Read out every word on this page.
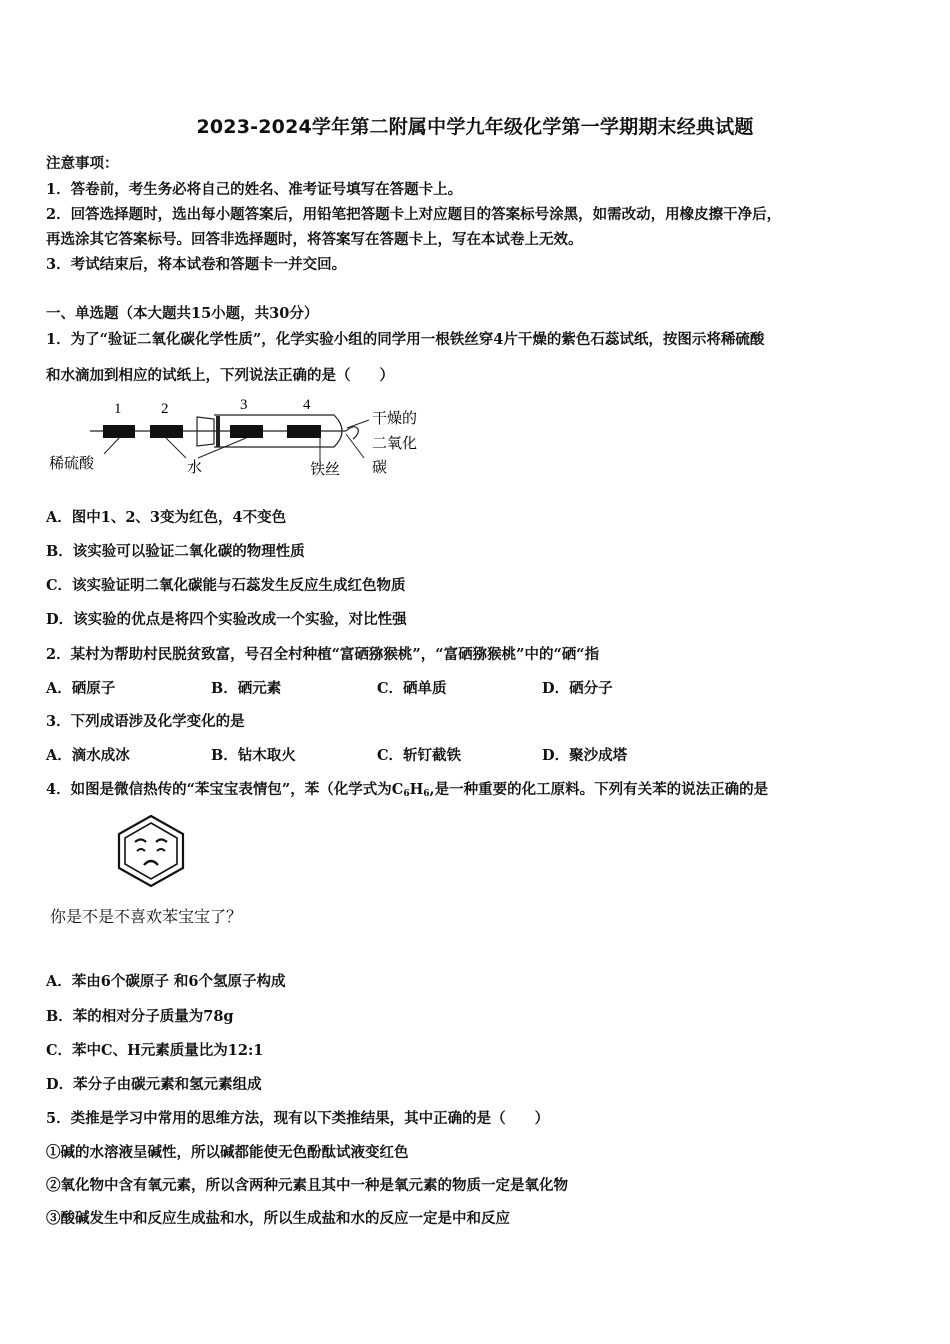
2023-2024学年第二附属中学九年级化学第一学期期末经典试题
注意事项：
1．答卷前，考生务必将自己的姓名、准考证号填写在答题卡上。
2．回答选择题时，选出每小题答案后，用铅笔把答题卡上对应题目的答案标号涂黑，如需改动，用橡皮擦干净后，
再选涂其它答案标号。回答非选择题时，将答案写在答题卡上，写在本试卷上无效。
3．考试结束后，将本试卷和答题卡一并交回。
一、单选题（本大题共15小题，共30分）
1．为了“验证二氧化碳化学性质”，化学实验小组的同学用一根铁丝穿4片干燥的紫色石蕊试纸，按图示将稀硫酸
和水滴加到相应的试纸上，下列说法正确的是（　　）
1	2	3	4
稀硫酸	水	铁丝
干燥的
二氧化
碳
A．图中1、2、3变为红色，4不变色
B．该实验可以验证二氧化碳的物理性质
C．该实验证明二氧化碳能与石蕊发生反应生成红色物质
D．该实验的优点是将四个实验改成一个实验，对比性强
2．某村为帮助村民脱贫致富，号召全村种植“富硒猕猴桃”，“富硒猕猴桃”中的“硒“指
A．硒原子	B．硒元素	C．硒单质	D．硒分子
3．下列成语涉及化学变化的是
A．滴水成冰	B．钻木取火	C．斩钉截铁	D．聚沙成塔
4．如图是微信热传的“苯宝宝表情包”，苯（化学式为$C_6H_6$,是一种重要的化工原料。下列有关苯的说法正确的是
你是不是不喜欢苯宝宝了？
A．苯由6个碳原子 和6个氢原子构成
B．苯的相对分子质量为78g
C．苯中C、H元素质量比为12:1
D．苯分子由碳元素和氢元素组成
5．类推是学习中常用的思维方法，现有以下类推结果，其中正确的是（　　）
①碱的水溶液呈碱性，所以碱都能使无色酚酞试液变红色
②氧化物中含有氧元素，所以含两种元素且其中一种是氧元素的物质一定是氧化物
③酸碱发生中和反应生成盐和水，所以生成盐和水的反应一定是中和反应
